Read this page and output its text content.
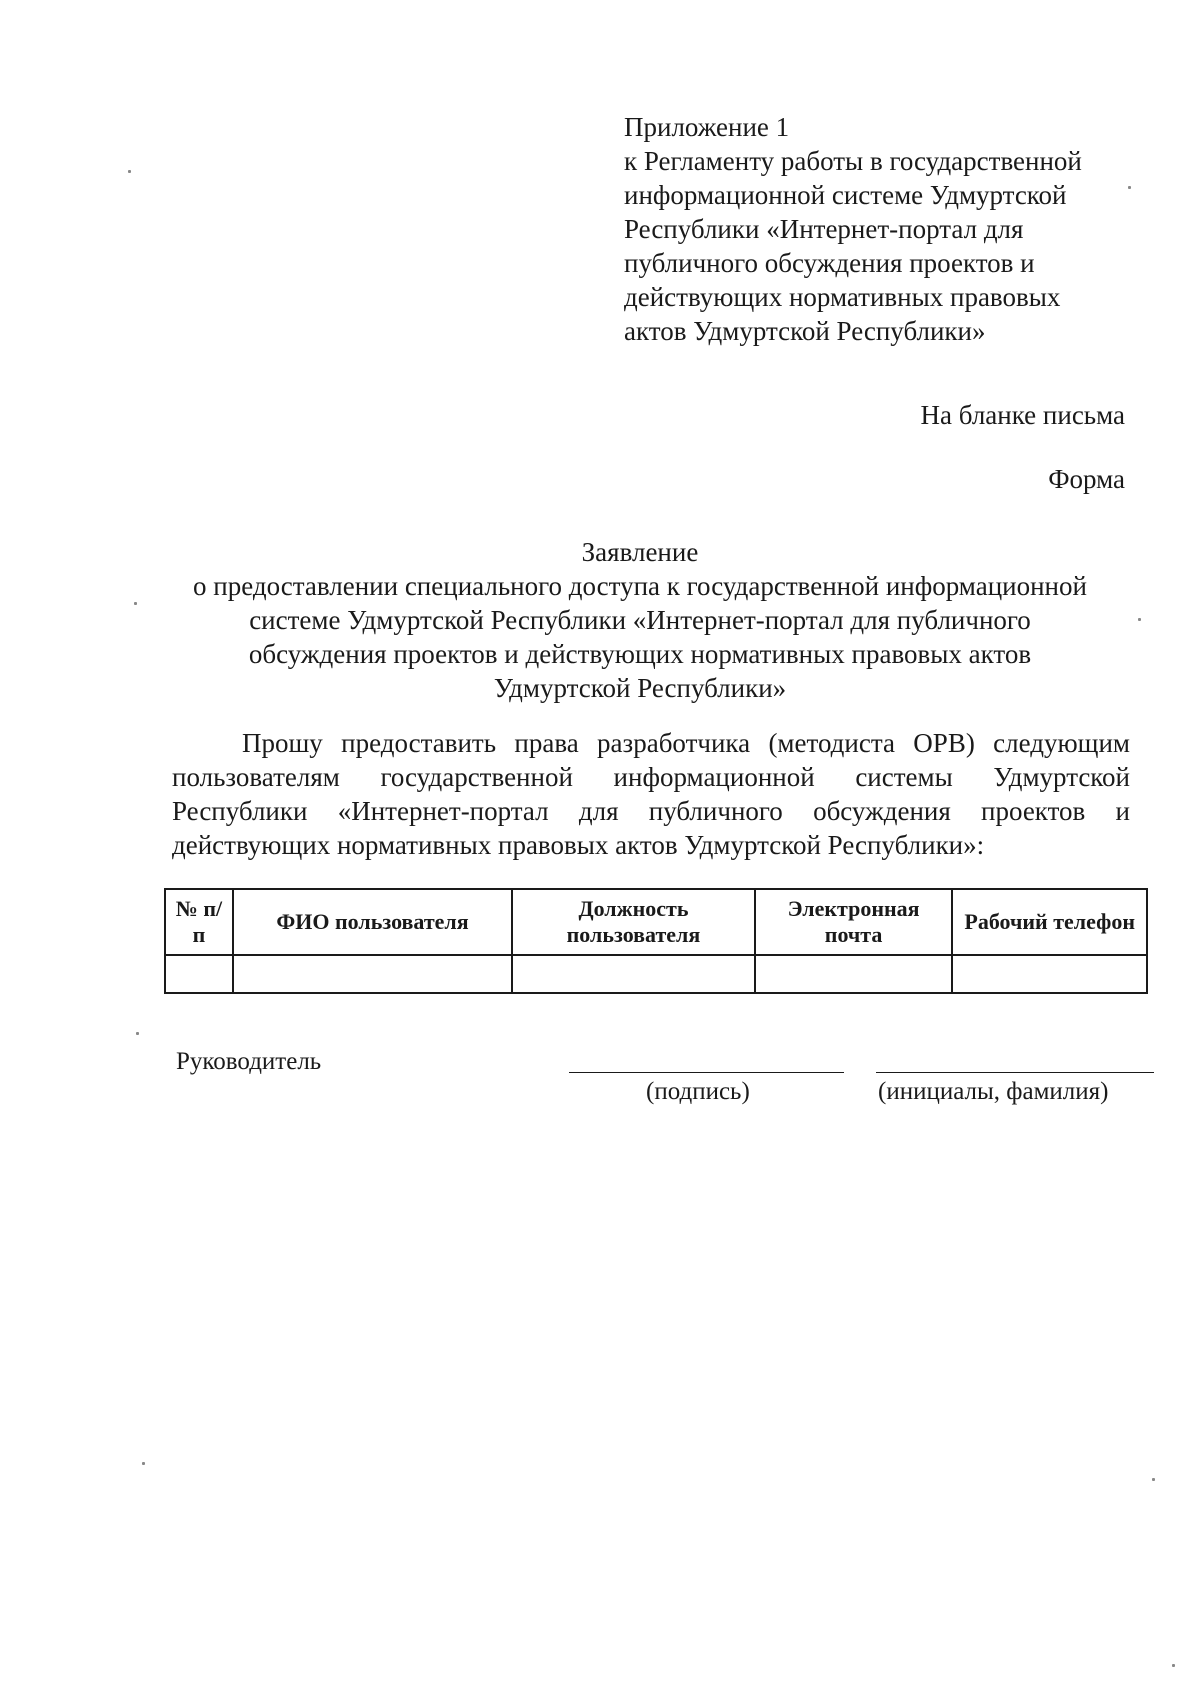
Приложение 1
к Регламенту работы в государственной
информационной системе Удмуртской
Республики «Интернет-портал для
публичного обсуждения проектов и
действующих нормативных правовых
актов Удмуртской Республики»
На бланке письма
Форма
Заявление
о предоставлении специального доступа к государственной информационной
системе Удмуртской Республики «Интернет-портал для публичного
обсуждения проектов и действующих нормативных правовых актов
Удмуртской Республики»
Прошу предоставить права разработчика (методиста ОРВ) следующим пользователям государственной информационной системы Удмуртской Республики «Интернет-портал для публичного обсуждения проектов и действующих нормативных правовых актов Удмуртской Республики»:
№ п/п	ФИО пользователя	Должность пользователя	Электронная почта	Рабочий телефон

Руководитель
(подпись)	(инициалы, фамилия)
